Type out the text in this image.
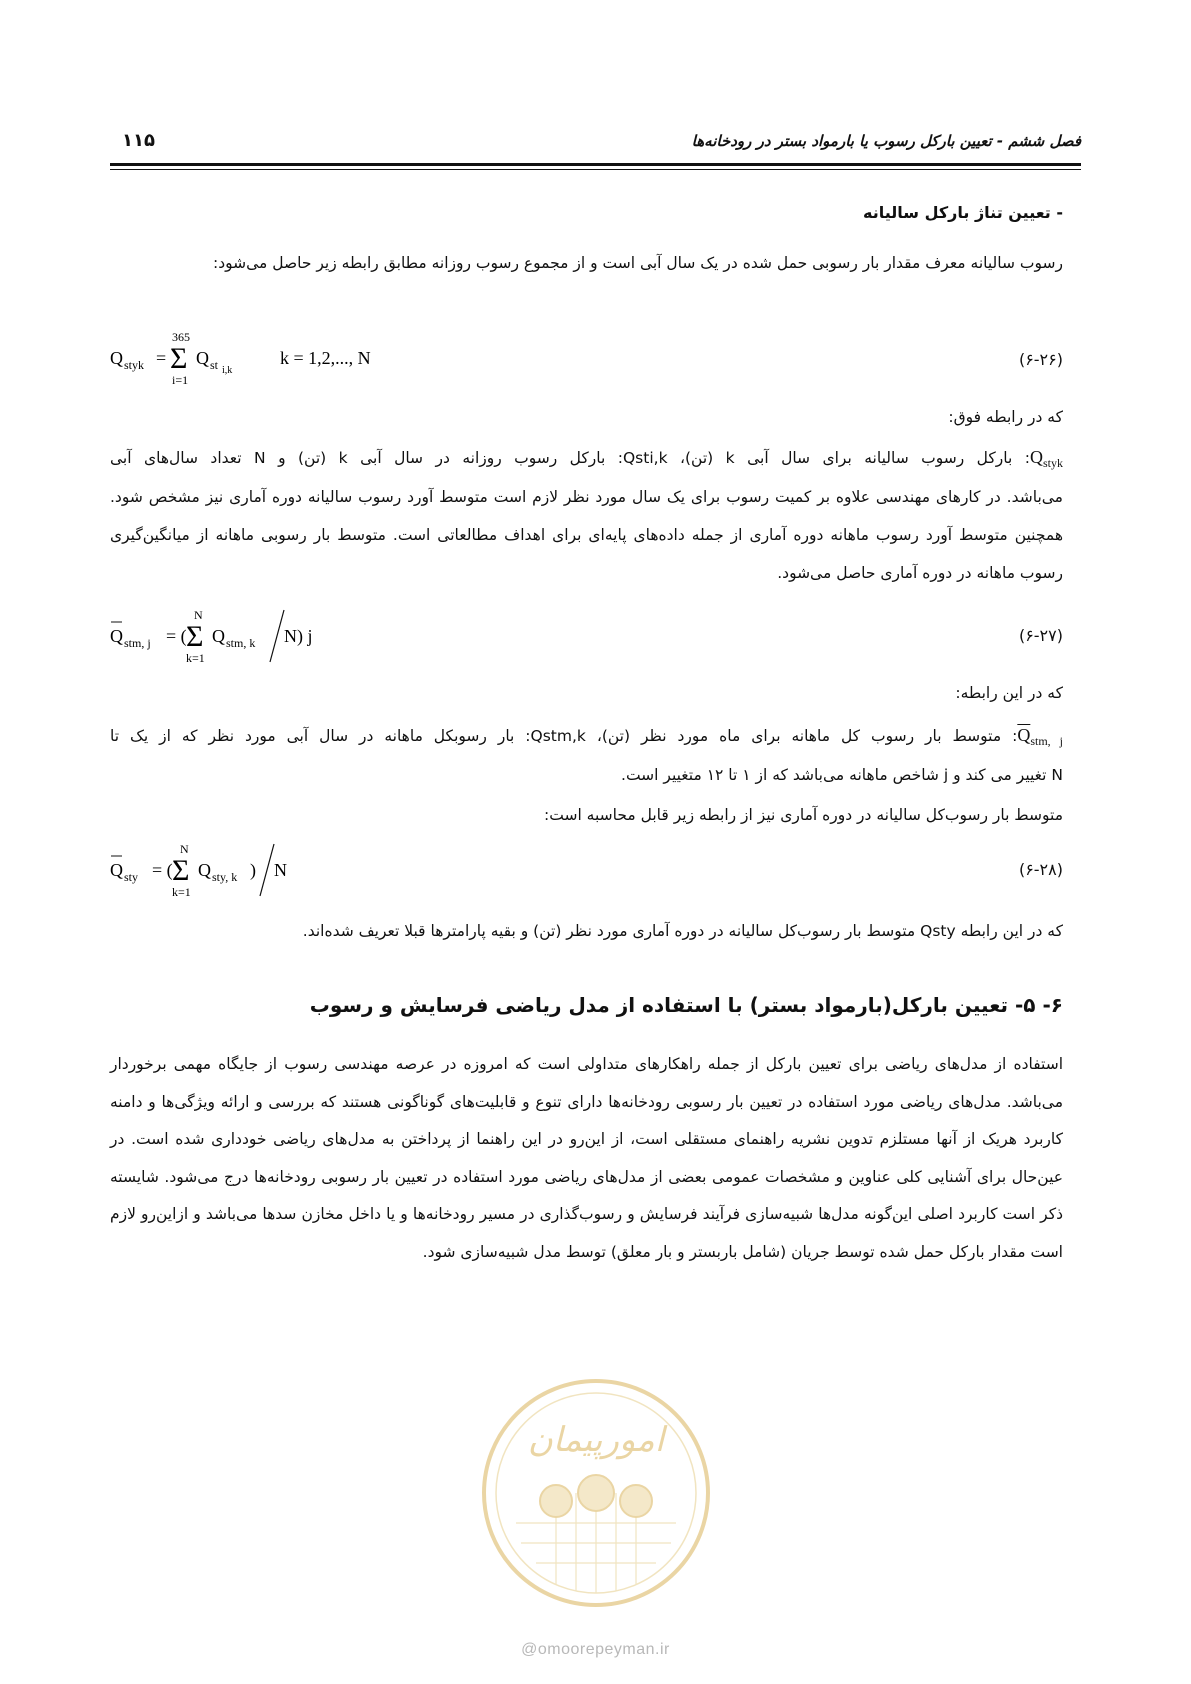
فصل ششم - تعیین بارکل رسوب یا بارمواد بستر در رودخانه‌ها
۱۱۵
- تعیین تناژ بارکل سالیانه
رسوب سالیانه معرف مقدار بار رسوبی حمل شده در یک سال آبی است و از مجموع رسوب روزانه مطابق رابطه زیر حاصل می‌شود:
(۶-۲۶)
Q styk =
365
Σ
i=1
Q st i,k
k = 1,2,..., N
که در رابطه فوق:
$Q_{styk}$: بارکل رسوب سالیانه برای سال آبی k (تن)، Qsti,k: بارکل رسوب روزانه در سال آبی k (تن) و N تعداد سال‌های آبی
می‌باشد. در کارهای مهندسی علاوه بر کمیت رسوب برای یک سال مورد نظر لازم است متوسط آورد رسوب سالیانه دوره آماری نیز مشخص شود. همچنین متوسط آورد رسوب ماهانه دوره آماری از جمله داده‌های پایه‌ای برای اهداف مطالعاتی است. متوسط بار رسوبی ماهانه از میانگین‌گیری رسوب ماهانه در دوره آماری حاصل می‌شود.
(۶-۲۷)
Q stm, j = (
N
Σ
k=1
Q stm, k N) j
که در این رابطه:
$Q_{stm, j}$: متوسط بار رسوب کل ماهانه برای ماه مورد نظر (تن)، Qstm,k: بار رسوبکل ماهانه در سال آبی مورد نظر که از یک تا
N تغییر می کند و j شاخص ماهانه می‌باشد که از ۱ تا ۱۲ متغییر است.
متوسط بار رسوب‌کل سالیانه در دوره آماری نیز از رابطه زیر قابل محاسبه است:
(۶-۲۸)
Q sty = (
N
Σ
k=1
Q sty, k ) N
که در این رابطه Qsty متوسط بار رسوب‌کل سالیانه در دوره آماری مورد نظر (تن) و بقیه پارامترها قبلا تعریف شده‌اند.
۶- ۵- تعیین بارکل(بارمواد بستر) با استفاده از مدل ریاضی فرسایش و رسوب
استفاده از مدل‌های ریاضی برای تعیین بارکل از جمله راهکارهای متداولی است که امروزه در عرصه مهندسی رسوب از جایگاه مهمی برخوردار می‌باشد. مدل‌های ریاضی مورد استفاده در تعیین بار رسوبی رودخانه‌ها دارای تنوع و قابلیت‌های گوناگونی هستند که بررسی و ارائه ویژگی‌ها و دامنه کاربرد هریک از آنها مستلزم تدوین نشریه راهنمای مستقلی است، از این‌رو در این راهنما از پرداختن به مدل‌های ریاضی خودداری شده است. در عین‌حال برای آشنایی کلی عناوین و مشخصات عمومی بعضی از مدل‌های ریاضی مورد استفاده در تعیین بار رسوبی رودخانه‌ها درج می‌شود. شایسته ذکر است کاربرد اصلی این‌گونه مدل‌ها شبیه‌سازی فرآیند فرسایش و رسوب‌گذاری در مسیر رودخانه‌ها و یا داخل مخازن سدها می‌باشد و ازاین‌رو لازم است مقدار بارکل حمل شده توسط جریان (شامل باربستر و بار معلق) توسط مدل شبیه‌سازی شود.
امورپیمان
@omoorepeyman.ir
